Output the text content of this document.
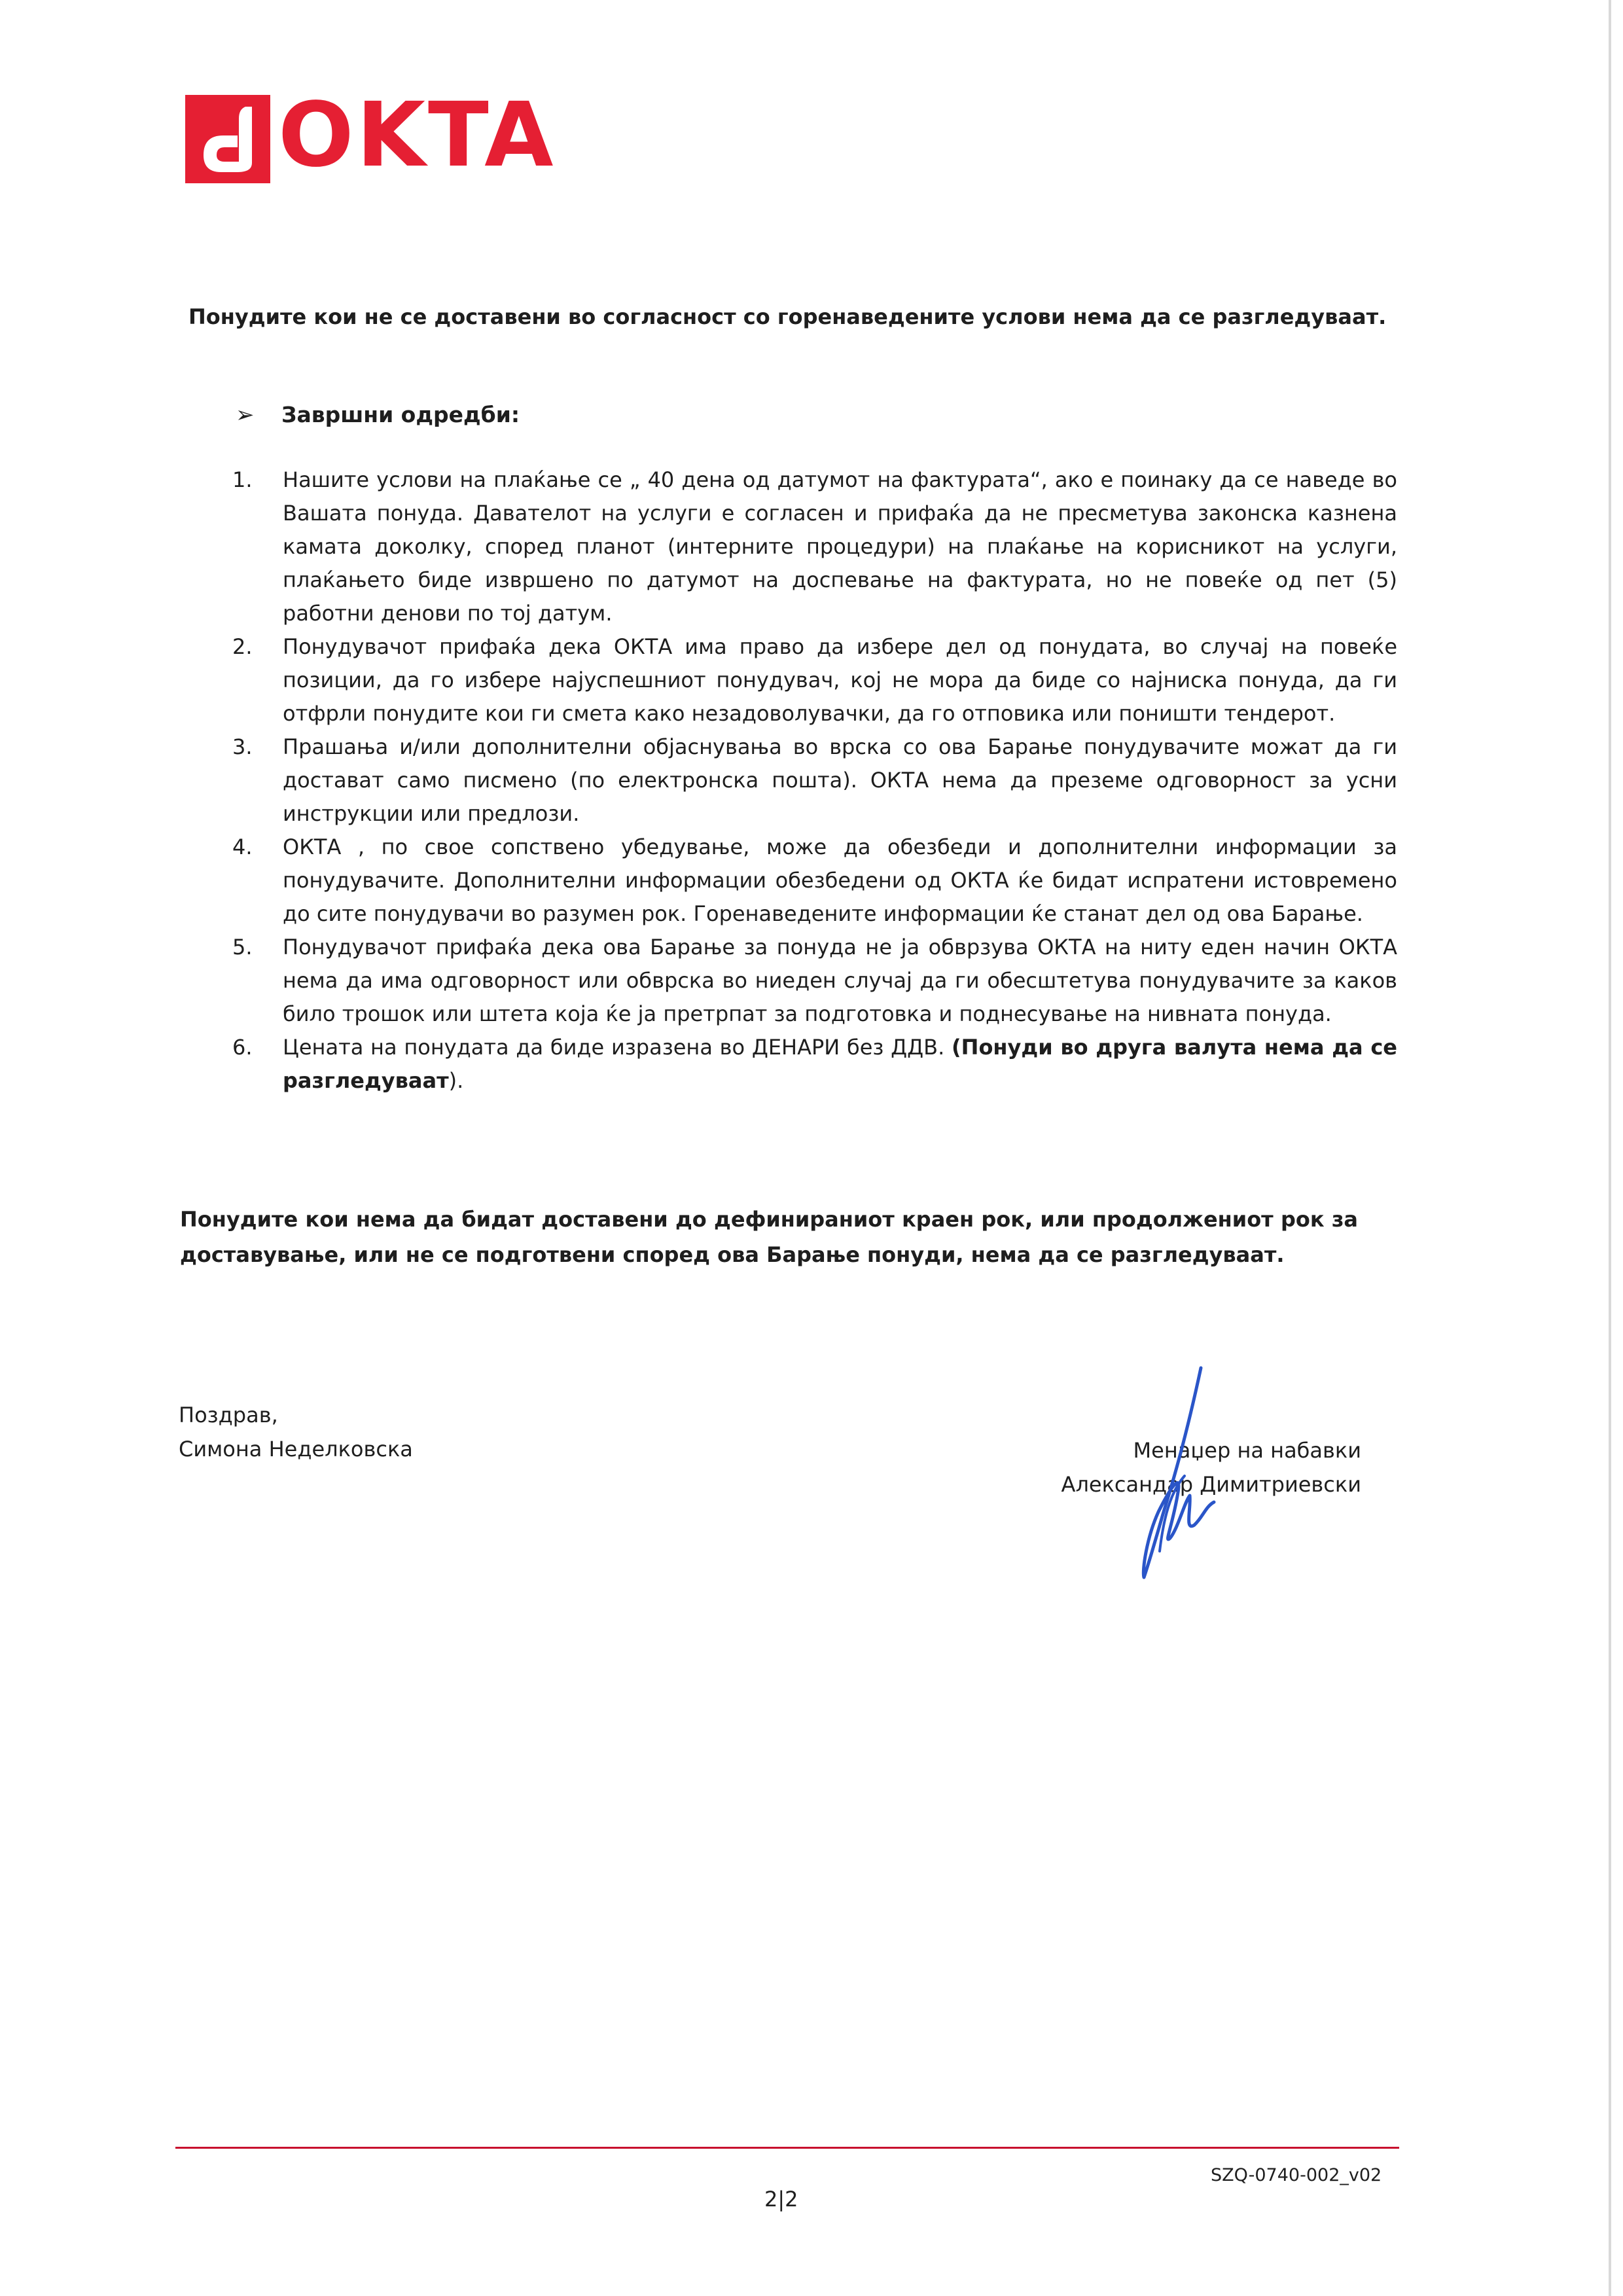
OKTA
Понудите кои не се доставени во согласност со горенаведените услови нема да се разгледуваат.
➢ Завршни одредби:
1. Нашите услови на плаќање се „ 40 дена од датумот на фактурата“, ако е поинаку да се наведе во Вашата понуда. Давателот на услуги е согласен и прифаќа да не пресметува законска казнена камата доколку, според планот (интерните процедури) на плаќање на корисникот на услуги, плаќањето биде извршено по датумот на доспевање на фактурата, но не повеќе од пет (5) работни денови по тој датум.
2. Понудувачот прифаќа дека ОКТА има право да избере дел од понудата, во случај на повеќе позиции, да го избере најуспешниот понудувач, кој не мора да биде со најниска понуда, да ги отфрли понудите кои ги смета како незадоволувачки, да го отповика или поништи тендерот.
3. Прашања и/или дополнителни објаснувања во врска со ова Барање понудувачите можат да ги доставaт само писмено (по електронска пошта). ОКТА нема да преземе одговорност за усни инструкции или предлози.
4. ОКТА , по свое сопствено убедување, може да обезбеди и дополнителни информации за понудувачите. Дополнителни информации обезбедени од ОКТА ќе бидат испратени истовремено до сите понудувачи во разумен рок. Горенаведените информации ќе станат дел од ова Барање.
5. Понудувачот прифаќа дека ова Барање за понуда не ја обврзува ОКТА на ниту еден начин ОКТА нема да има одговорност или обврска во ниеден случај да ги обесштетува понудувачите за каков било трошок или штета која ќе ја претрпат за подготовка и поднесување на нивната понуда.
6. Цената на понудата да биде изразена во ДЕНАРИ без ДДВ. (Понуди во друга валута нема да се разгледуваат).
Понудите кои нема да бидат доставени до дефинираниот краен рок, или продолжениот рок за доставување, или не се подготвени според ова Барање понуди, нема да се разгледуваат.
Поздрав,
Симона Неделковска	Менаџер на набавки
Александар Димитриевски
SZQ-0740-002_v02
2|2
